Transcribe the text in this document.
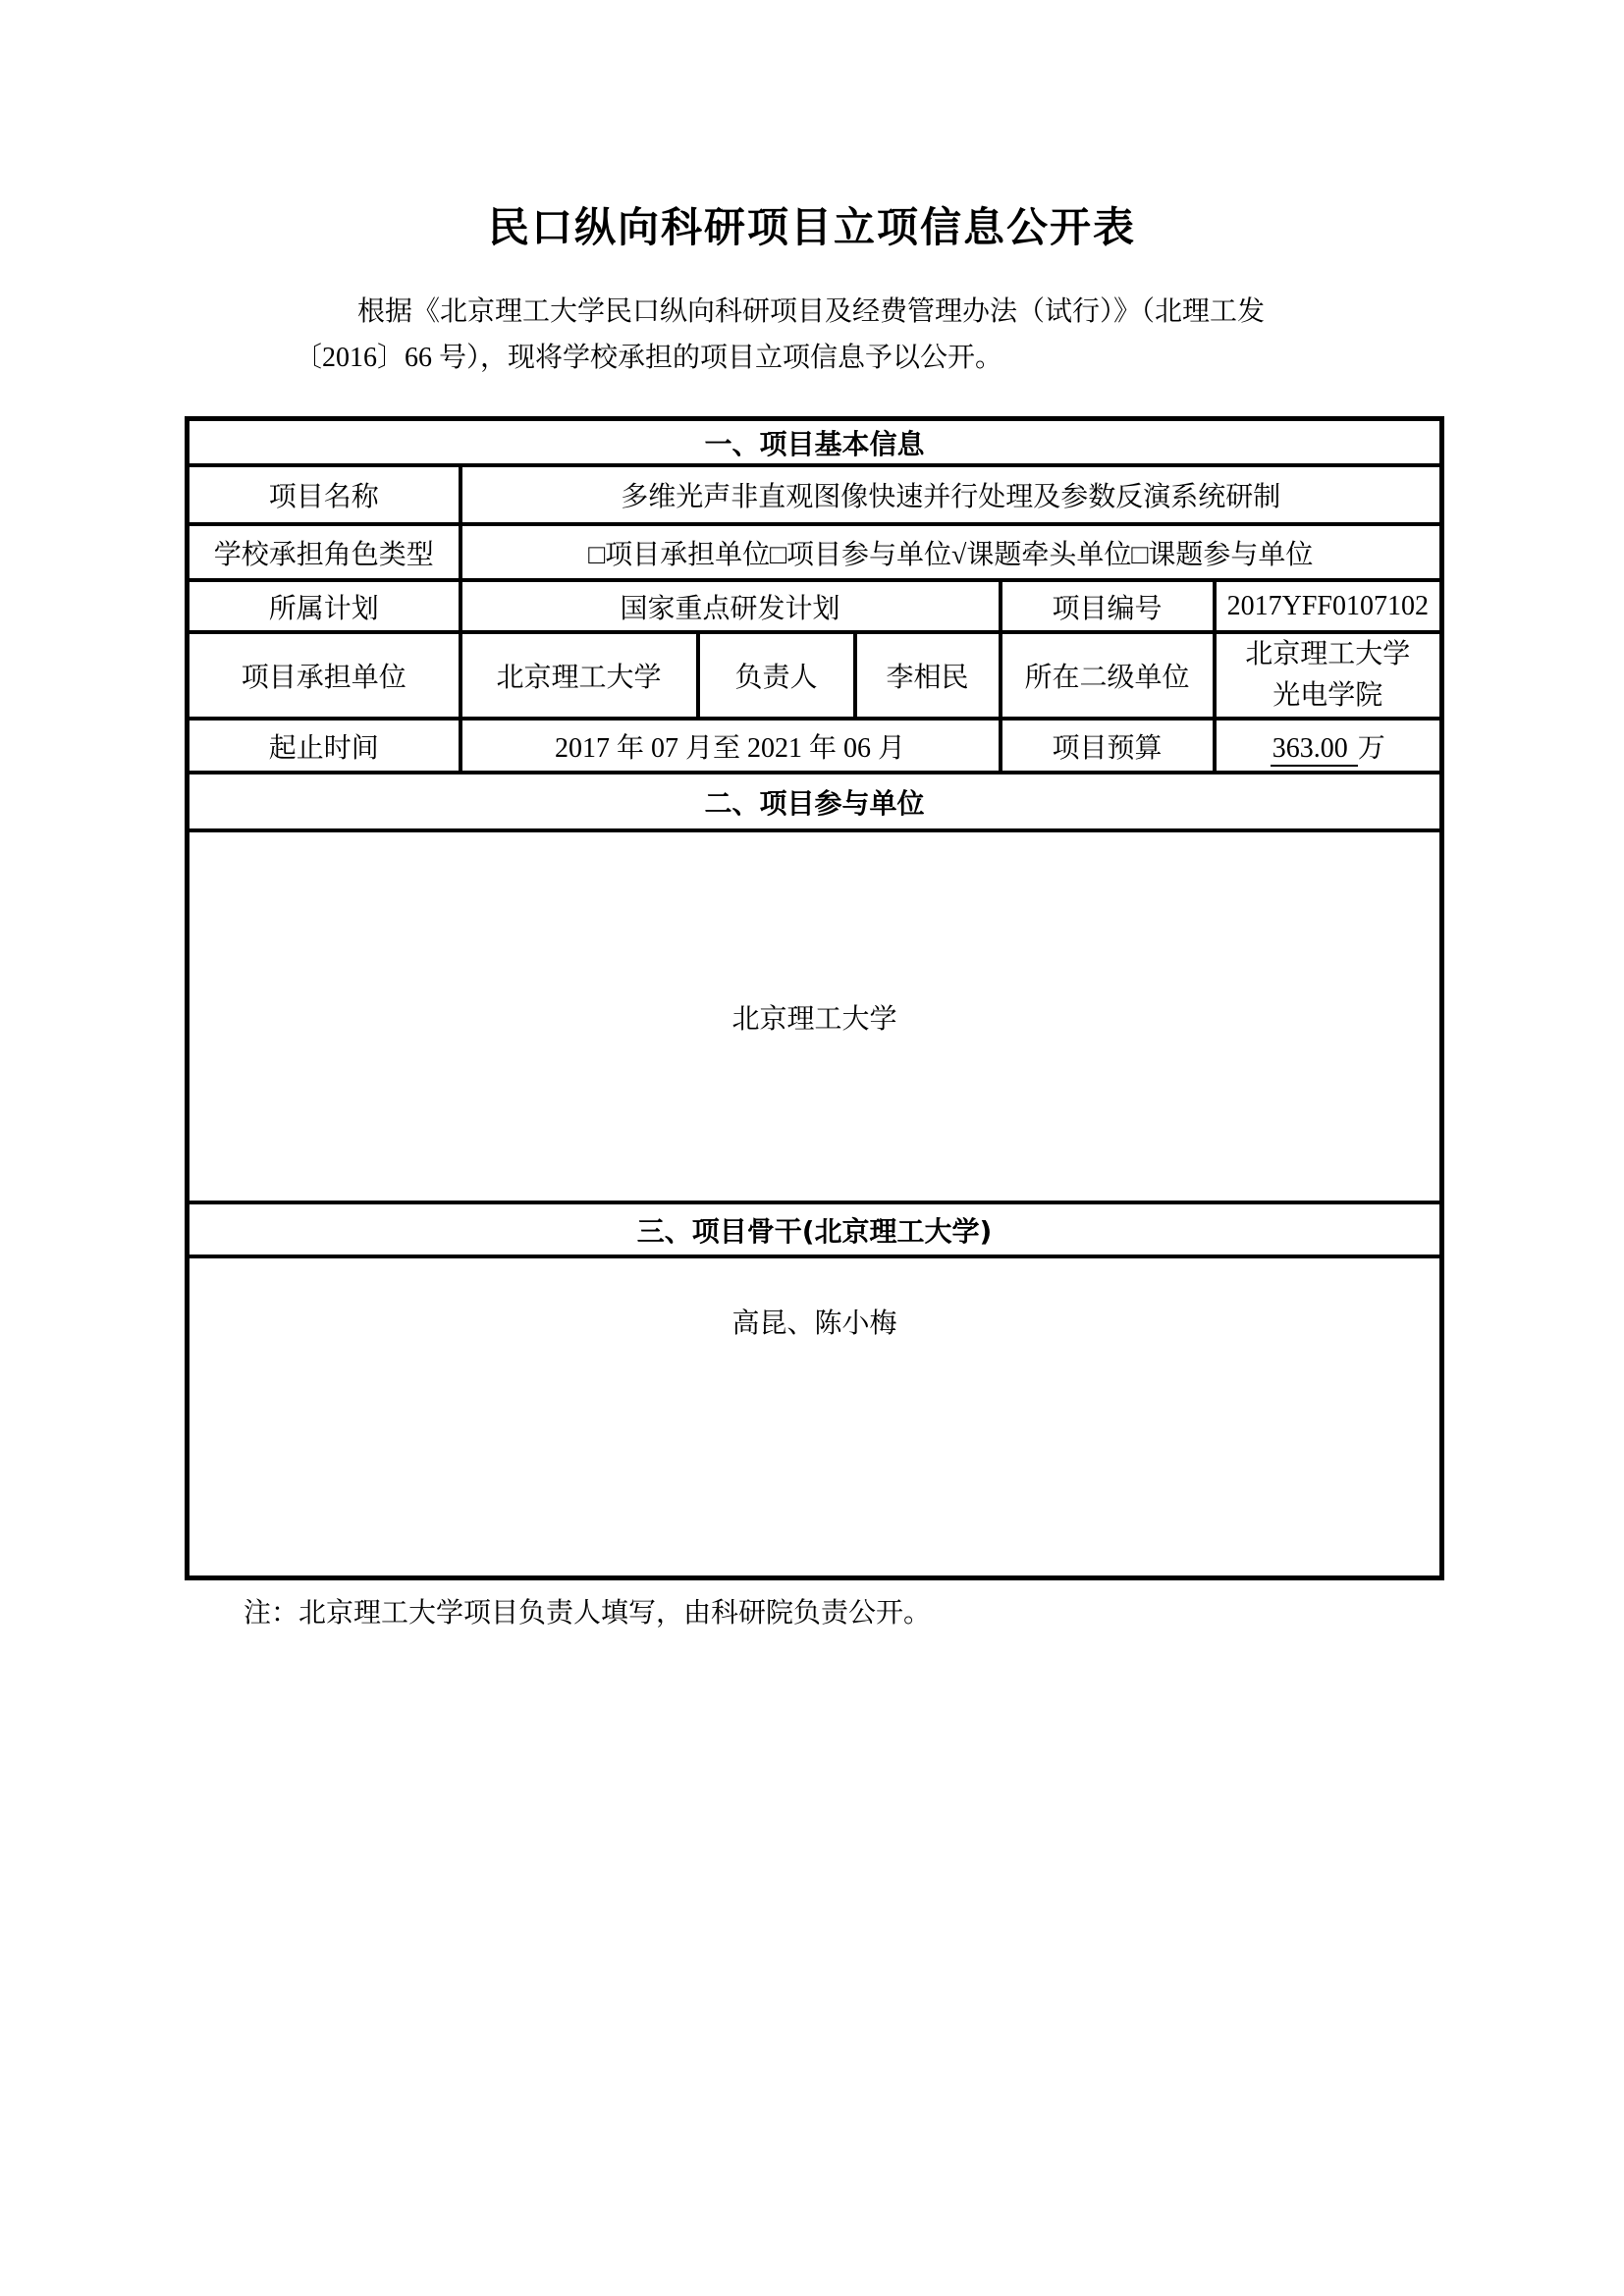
民口纵向科研项目立项信息公开表
根据《北京理工大学民口纵向科研项目及经费管理办法（试行）》（北理工发
〔2016〕66 号），现将学校承担的项目立项信息予以公开。
一、项目基本信息					
项目名称	多维光声非直观图像快速并行处理及参数反演系统研制				
学校承担角色类型	□项目承担单位□项目参与单位√课题牵头单位□课题参与单位				
所属计划	国家重点研发计划			项目编号	2017YFF0107102
项目承担单位	北京理工大学	负责人	李相民	所在二级单位	北京理工大学
光电学院

起止时间	2017 年 07 月至 2021 年 06 月			项目预算	363.00 万
二、项目参与单位					
北京理工大学					
三、项目骨干(北京理工大学)					
高昆、陈小梅					
注：北京理工大学项目负责人填写，由科研院负责公开。
